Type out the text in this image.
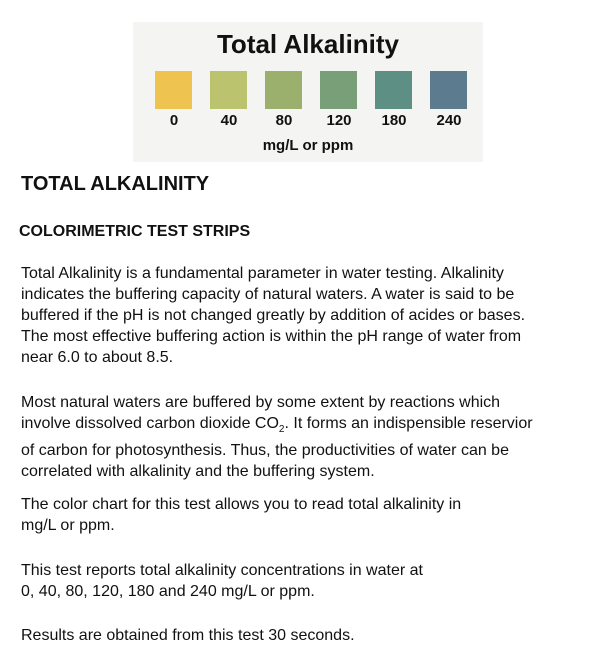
Total Alkalinity
0	40	80	120	180	240
mg/L or ppm
TOTAL ALKALINITY
COLORIMETRIC TEST STRIPS

Total Alkalinity is a fundamental parameter in water testing. Alkalinity
indicates the buffering capacity of natural waters. A water is said to be
buffered if the pH is not changed greatly by addition of acides or bases.
The most effective buffering action is within the pH range of water from
near 6.0 to about 8.5.

Most natural waters are buffered by some extent by reactions which
involve dissolved carbon dioxide $CO_2$. It forms an indispensible reservior
of carbon for photosynthesis. Thus, the productivities of water can be
correlated with alkalinity and the buffering system.

The color chart for this test allows you to read total alkalinity in
mg/L or ppm.

This test reports total alkalinity concentrations in water at
0, 40, 80, 120, 180 and 240 mg/L or ppm.

Results are obtained from this test 30 seconds.
